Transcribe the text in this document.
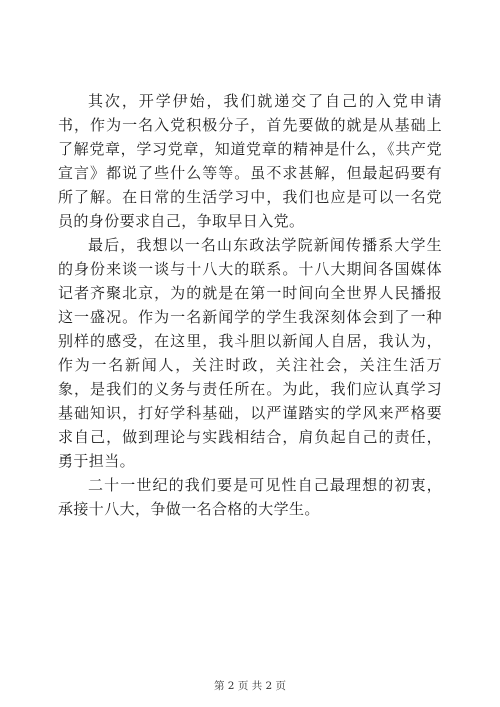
其次，开学伊始，我们就递交了自己的入党申请书，作为一名入党积极分子，首先要做的就是从基础上了解党章，学习党章，知道党章的精神是什么，《共产党宣言》都说了些什么等等。虽不求甚解，但最起码要有所了解。在日常的生活学习中，我们也应是可以一名党员的身份要求自己，争取早日入党。

最后，我想以一名山东政法学院新闻传播系大学生的身份来谈一谈与十八大的联系。十八大期间各国媒体记者齐聚北京，为的就是在第一时间向全世界人民播报这一盛况。作为一名新闻学的学生我深刻体会到了一种别样的感受，在这里，我斗胆以新闻人自居，我认为，作为一名新闻人，关注时政，关注社会，关注生活万象，是我们的义务与责任所在。为此，我们应认真学习基础知识，打好学科基础，以严谨踏实的学风来严格要求自己，做到理论与实践相结合，肩负起自己的责任，勇于担当。

二十一世纪的我们要是可见性自己最理想的初衷，承接十八大，争做一名合格的大学生。

第 2 页 共 2 页
